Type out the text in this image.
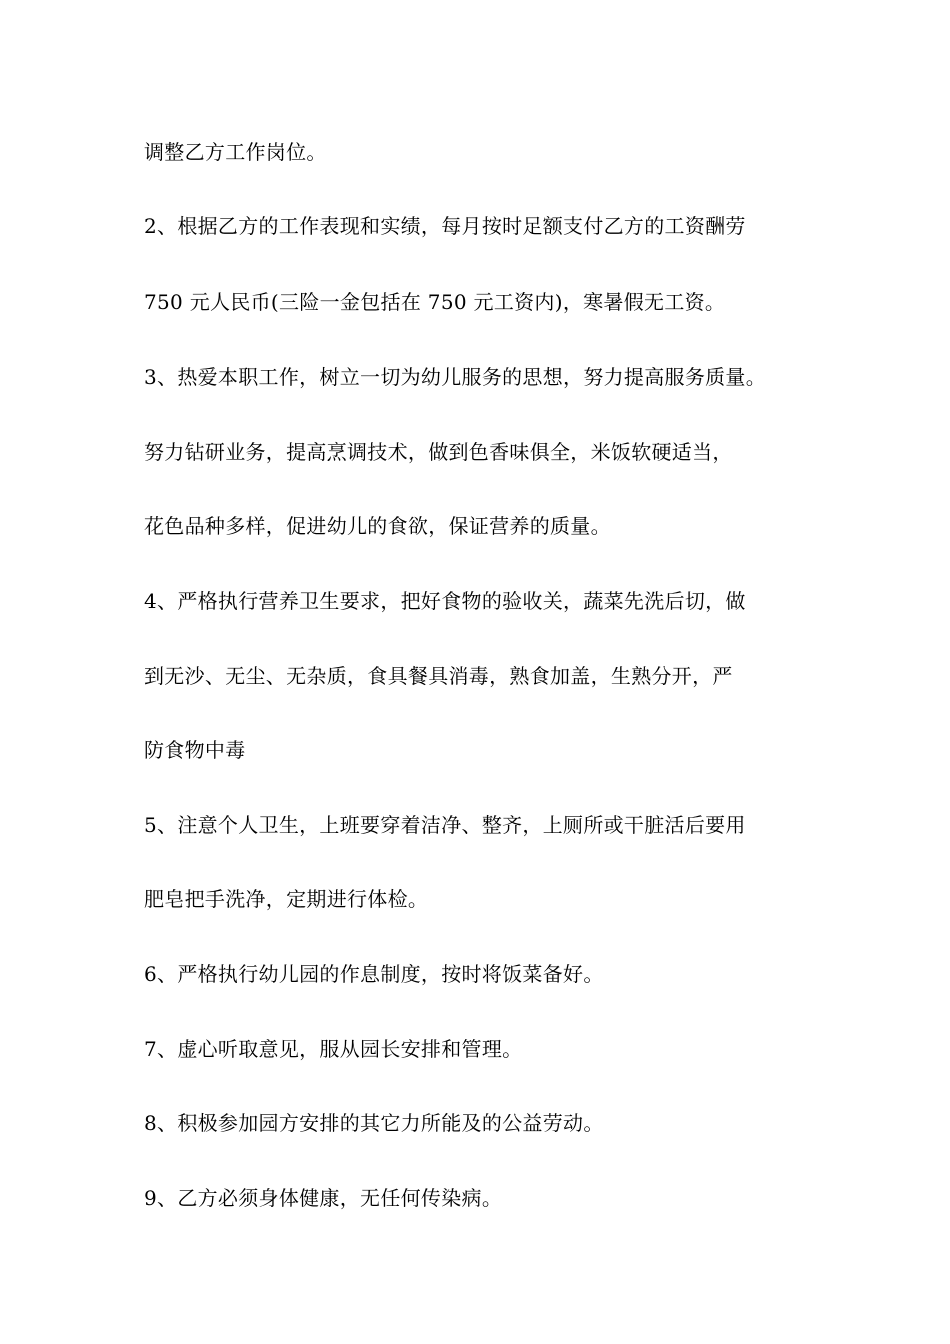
调整乙方工作岗位。
2、根据乙方的工作表现和实绩，每月按时足额支付乙方的工资酬劳
750 元人民币(三险一金包括在 750 元工资内)，寒暑假无工资。
3、热爱本职工作，树立一切为幼儿服务的思想，努力提高服务质量。
努力钻研业务，提高烹调技术，做到色香味俱全，米饭软硬适当，
花色品种多样，促进幼儿的食欲，保证营养的质量。
4、严格执行营养卫生要求，把好食物的验收关，蔬菜先洗后切，做
到无沙、无尘、无杂质，食具餐具消毒，熟食加盖，生熟分开，严
防食物中毒
5、注意个人卫生，上班要穿着洁净、整齐，上厕所或干脏活后要用
肥皂把手洗净，定期进行体检。
6、严格执行幼儿园的作息制度，按时将饭菜备好。
7、虚心听取意见，服从园长安排和管理。
8、积极参加园方安排的其它力所能及的公益劳动。
9、乙方必须身体健康，无任何传染病。
